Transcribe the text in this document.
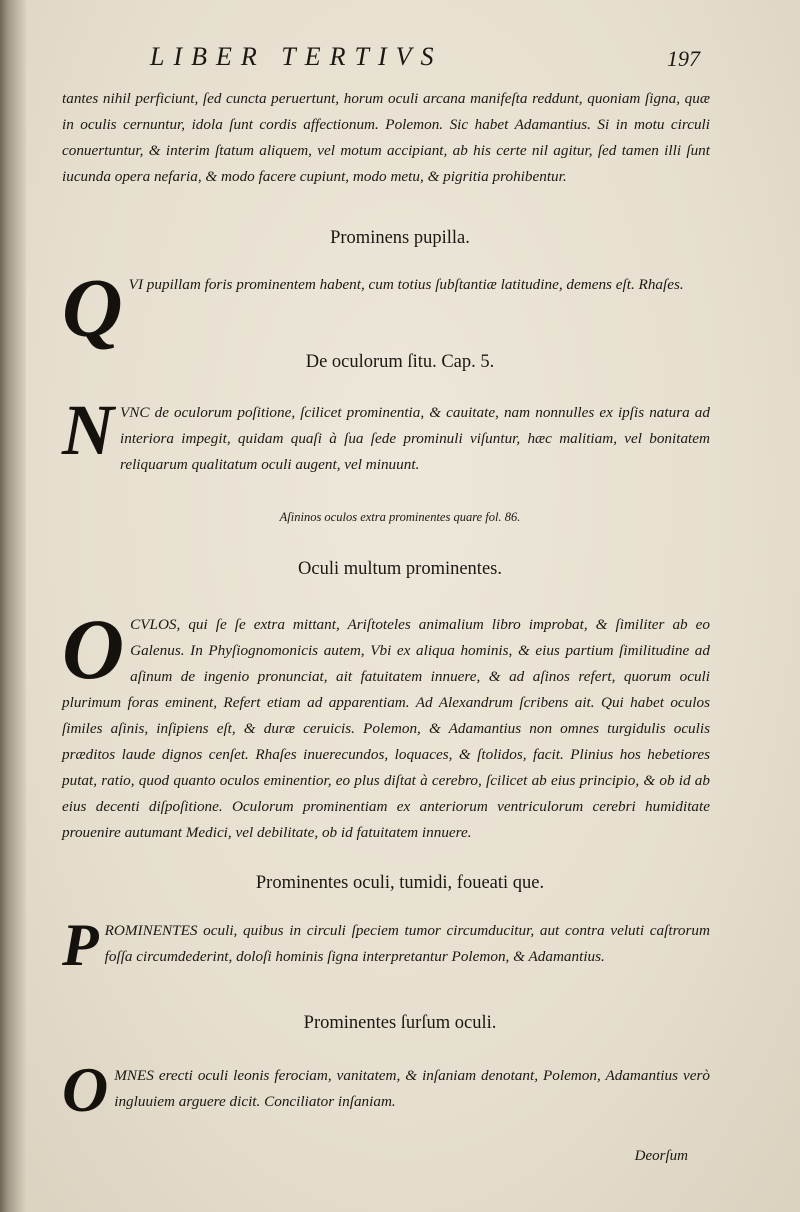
LIBER TERTIVS	197
tantes nihil perficiunt, ſed cuncta peruertunt, horum oculi arcana manifeſta reddunt, quoniam ſigna, quæ in oculis cernuntur, idola ſunt cordis affectionum. Polemon. Sic habet Adamantius. Si in motu circuli conuertuntur, & interim ſtatum aliquem, vel motum accipiant, ab his certe nil agitur, ſed tamen illi ſunt iucunda opera nefaria, & modo facere cupiunt, modo metu, & pigritia prohibentur.
Prominens pupilla.
Q VI pupillam foris prominentem habent, cum totius ſubſtantiæ latitudine, demens eſt. Rhaſes.
De oculorum ſitu. Cap. 5.
N VNC de oculorum poſitione, ſcilicet prominentia, & cauitate, nam nonnulles ex ipſis natura ad interiora impegit, quidam quaſi à ſua ſede prominuli viſuntur, hæc malitiam, vel bonitatem reliquarum qualitatum oculi augent, vel minuunt.
Aſininos oculos extra prominentes quare fol. 86.
Oculi multum prominentes.
O CVLOS, qui ſe ſe extra mittant, Ariſtoteles animalium libro improbat, & ſimiliter ab eo Galenus. In Phyſiognomonicis autem, Vbi ex aliqua hominis, & eius partium ſimilitudine ad aſinum de ingenio pronunciat, ait fatuitatem innuere, & ad aſinos refert, quorum oculi plurimum foras eminent, Refert etiam ad apparentiam. Ad Alexandrum ſcribens ait. Qui habet oculos ſimiles aſinis, inſipiens eſt, & duræ ceruicis. Polemon, & Adamantius non omnes turgidulis oculis præditos laude dignos cenſet. Rhaſes inuerecundos, loquaces, & ſtolidos, facit. Plinius hos hebetiores putat, ratio, quod quanto oculos eminentior, eo plus diſtat à cerebro, ſcilicet ab eius principio, & ob id ab eius decenti diſpoſitione. Oculorum prominentiam ex anteriorum ventriculorum cerebri humiditate prouenire autumant Medici, vel debilitate, ob id fatuitatem innuere.
Prominentes oculi, tumidi, foueati que.
P ROMINENTES oculi, quibus in circuli ſpeciem tumor circumducitur, aut contra veluti caſtrorum foſſa circumdederint, doloſi hominis ſigna interpretantur Polemon, & Adamantius.
Prominentes ſurſum oculi.
O MNES erecti oculi leonis ferociam, vanitatem, & inſaniam denotant, Polemon, Adamantius verò ingluuiem arguere dicit. Conciliator inſaniam.
Deorſum
